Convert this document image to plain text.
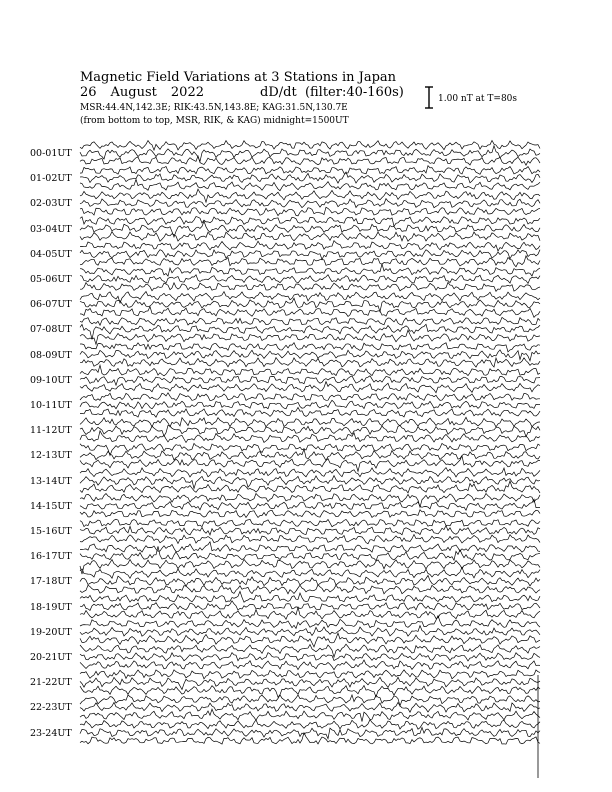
Magnetic Field Variations at 3 Stations in Japan
26 August 2022	dD/dt (filter:40-160s)
MSR:44.4N,142.3E; RIK:43.5N,143.8E; KAG:31.5N,130.7E
(from bottom to top, MSR, RIK, & KAG) midnight=1500UT
1.00 nT at T=80s
00-01UT
01-02UT
02-03UT
03-04UT
04-05UT
05-06UT
06-07UT
07-08UT
08-09UT
09-10UT
10-11UT
11-12UT
12-13UT
13-14UT
14-15UT
15-16UT
16-17UT
17-18UT
18-19UT
19-20UT
20-21UT
21-22UT
22-23UT
23-24UT
